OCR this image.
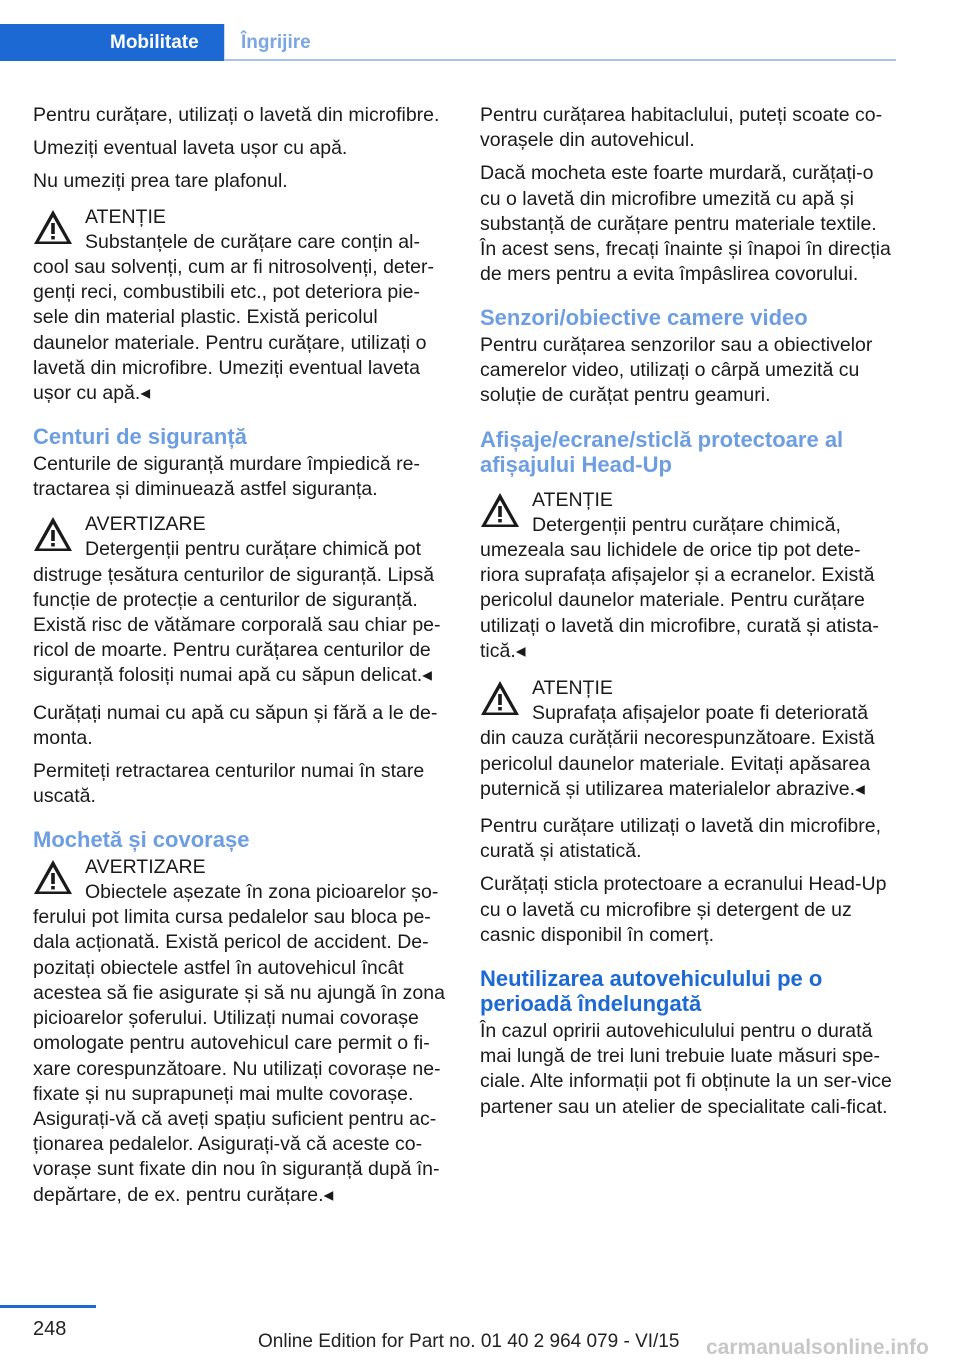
Mobilitate Îngrijire

Pentru curățare, utilizați o lavetă din microfibre.

Umeziți eventual laveta ușor cu apă.

Nu umeziți prea tare plafonul.

ATENȚIE
Substanțele de curățare care conțin al-
cool sau solvenți, cum ar fi nitrosolvenți, deter-genți reci, combustibili etc., pot deteriora pie-sele din material plastic. Există pericolul daunelor materiale. Pentru curățare, utilizați o lavetă din microfibre. Umeziți eventual laveta ușor cu apă.◂
Centuri de siguranță

Centurile de siguranță murdare împiedică re-tractarea și diminuează astfel siguranța.

AVERTIZARE
Detergenții pentru curățare chimică pot
distruge țesătura centurilor de siguranță. Lipsă funcție de protecție a centurilor de siguranță. Există risc de vătămare corporală sau chiar pe-ricol de moarte. Pentru curățarea centurilor de siguranță folosiți numai apă cu săpun delicat.◂

Curățați numai cu apă cu săpun și fără a le de-monta.

Permiteți retractarea centurilor numai în stare uscată.

Mochetă și covorașe
AVERTIZARE
Obiectele așezate în zona picioarelor șo-
ferului pot limita cursa pedalelor sau bloca pe-dala acționată. Există pericol de accident. De-pozitați obiectele astfel în autovehicul încât acestea să fie asigurate și să nu ajungă în zona picioarelor șoferului. Utilizați numai covorașe omologate pentru autovehicul care permit o fi-xare corespunzătoare. Nu utilizați covorașe ne-fixate și nu suprapuneți mai multe covorașe. Asigurați-vă că aveți spațiu suficient pentru ac-ționarea pedalelor. Asigurați-vă că aceste co-vorașe sunt fixate din nou în siguranță după în-depărtare, de ex. pentru curățare.◂

Pentru curățarea habitaclului, puteți scoate co-vorașele din autovehicul.

Dacă mocheta este foarte murdară, curățați-o cu o lavetă din microfibre umezită cu apă și substanță de curățare pentru materiale textile. În acest sens, frecați înainte și înapoi în direcția de mers pentru a evita împâslirea covorului.

Senzori/obiective camere video

Pentru curățarea senzorilor sau a obiectivelor camerelor video, utilizați o cârpă umezită cu soluție de curățat pentru geamuri.

Afișaje/ecrane/sticlă protectoare al afișajului Head-Up
ATENȚIE
Detergenții pentru curățare chimică,
umezeala sau lichidele de orice tip pot dete-riora suprafața afișajelor și a ecranelor. Există pericolul daunelor materiale. Pentru curățare utilizați o lavetă din microfibre, curată și atista-tică.◂
ATENȚIE
Suprafața afișajelor poate fi deteriorată
din cauza curățării necorespunzătoare. Există pericolul daunelor materiale. Evitați apăsarea puternică și utilizarea materialelor abrazive.◂

Pentru curățare utilizați o lavetă din microfibre, curată și atistatică.

Curățați sticla protectoare a ecranului Head-Up cu o lavetă cu microfibre și detergent de uz casnic disponibil în comerț.

Neutilizarea autovehiculului pe o perioadă îndelungată

În cazul opririi autovehiculului pentru o durată mai lungă de trei luni trebuie luate măsuri spe-ciale. Alte informații pot fi obținute la un ser-vice partener sau un atelier de specialitate cali-ficat.

248
Online Edition for Part no. 01 40 2 964 079 - VI/15 carmanualsonline.info
